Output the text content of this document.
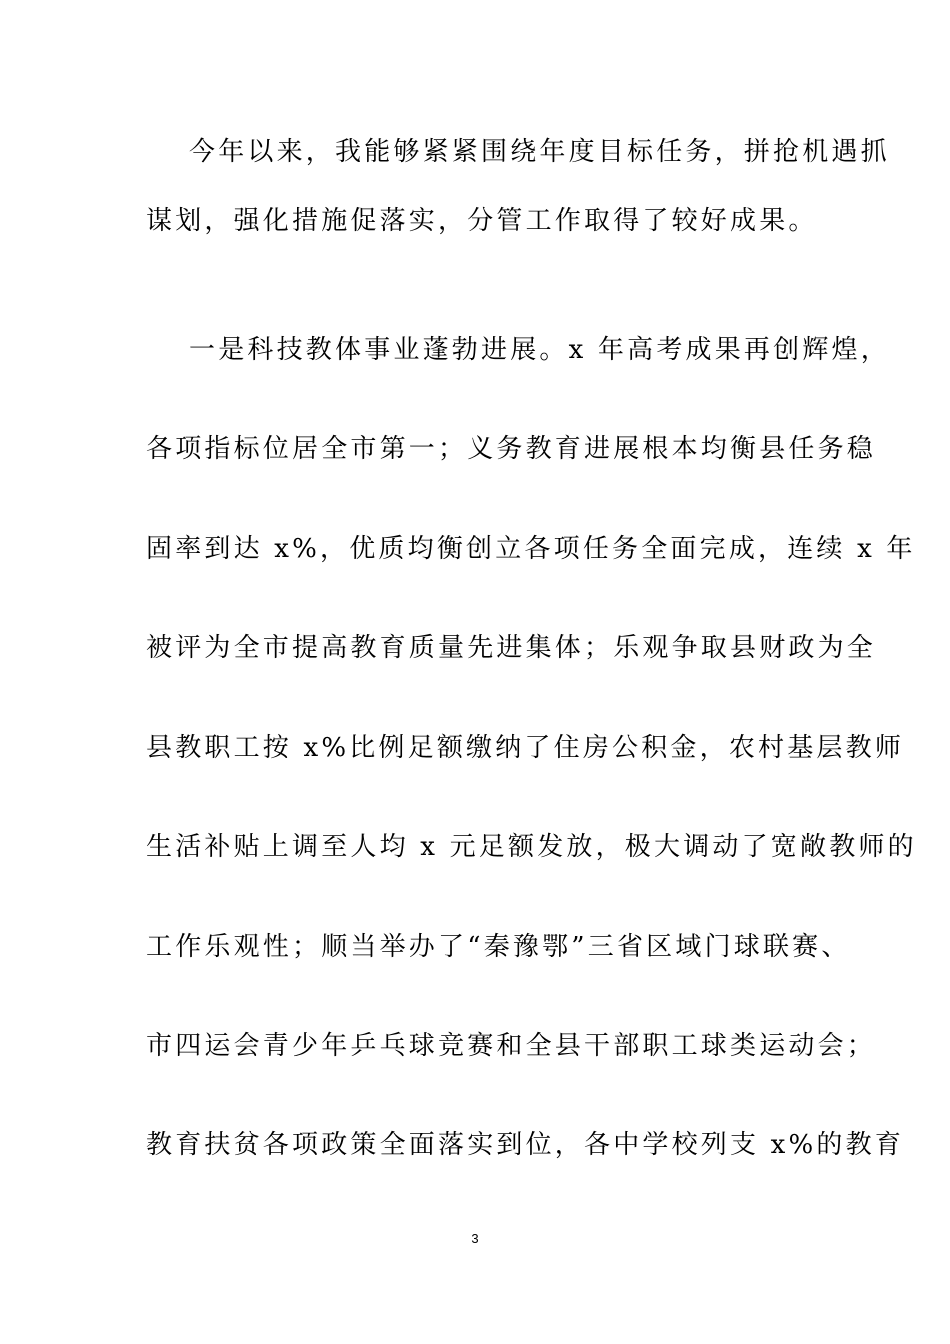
今年以来，我能够紧紧围绕年度目标任务，拼抢机遇抓
谋划，强化措施促落实，分管工作取得了较好成果。
一是科技教体事业蓬勃进展。x 年高考成果再创辉煌，
各项指标位居全市第一；义务教育进展根本均衡县任务稳
固率到达 x%，优质均衡创立各项任务全面完成，连续 x 年
被评为全市提高教育质量先进集体；乐观争取县财政为全
县教职工按 x%比例足额缴纳了住房公积金，农村基层教师
生活补贴上调至人均 x 元足额发放，极大调动了宽敞教师的
工作乐观性；顺当举办了“秦豫鄂”三省区域门球联赛、
市四运会青少年乒乓球竞赛和全县干部职工球类运动会；
教育扶贫各项政策全面落实到位，各中学校列支 x%的教育
3
